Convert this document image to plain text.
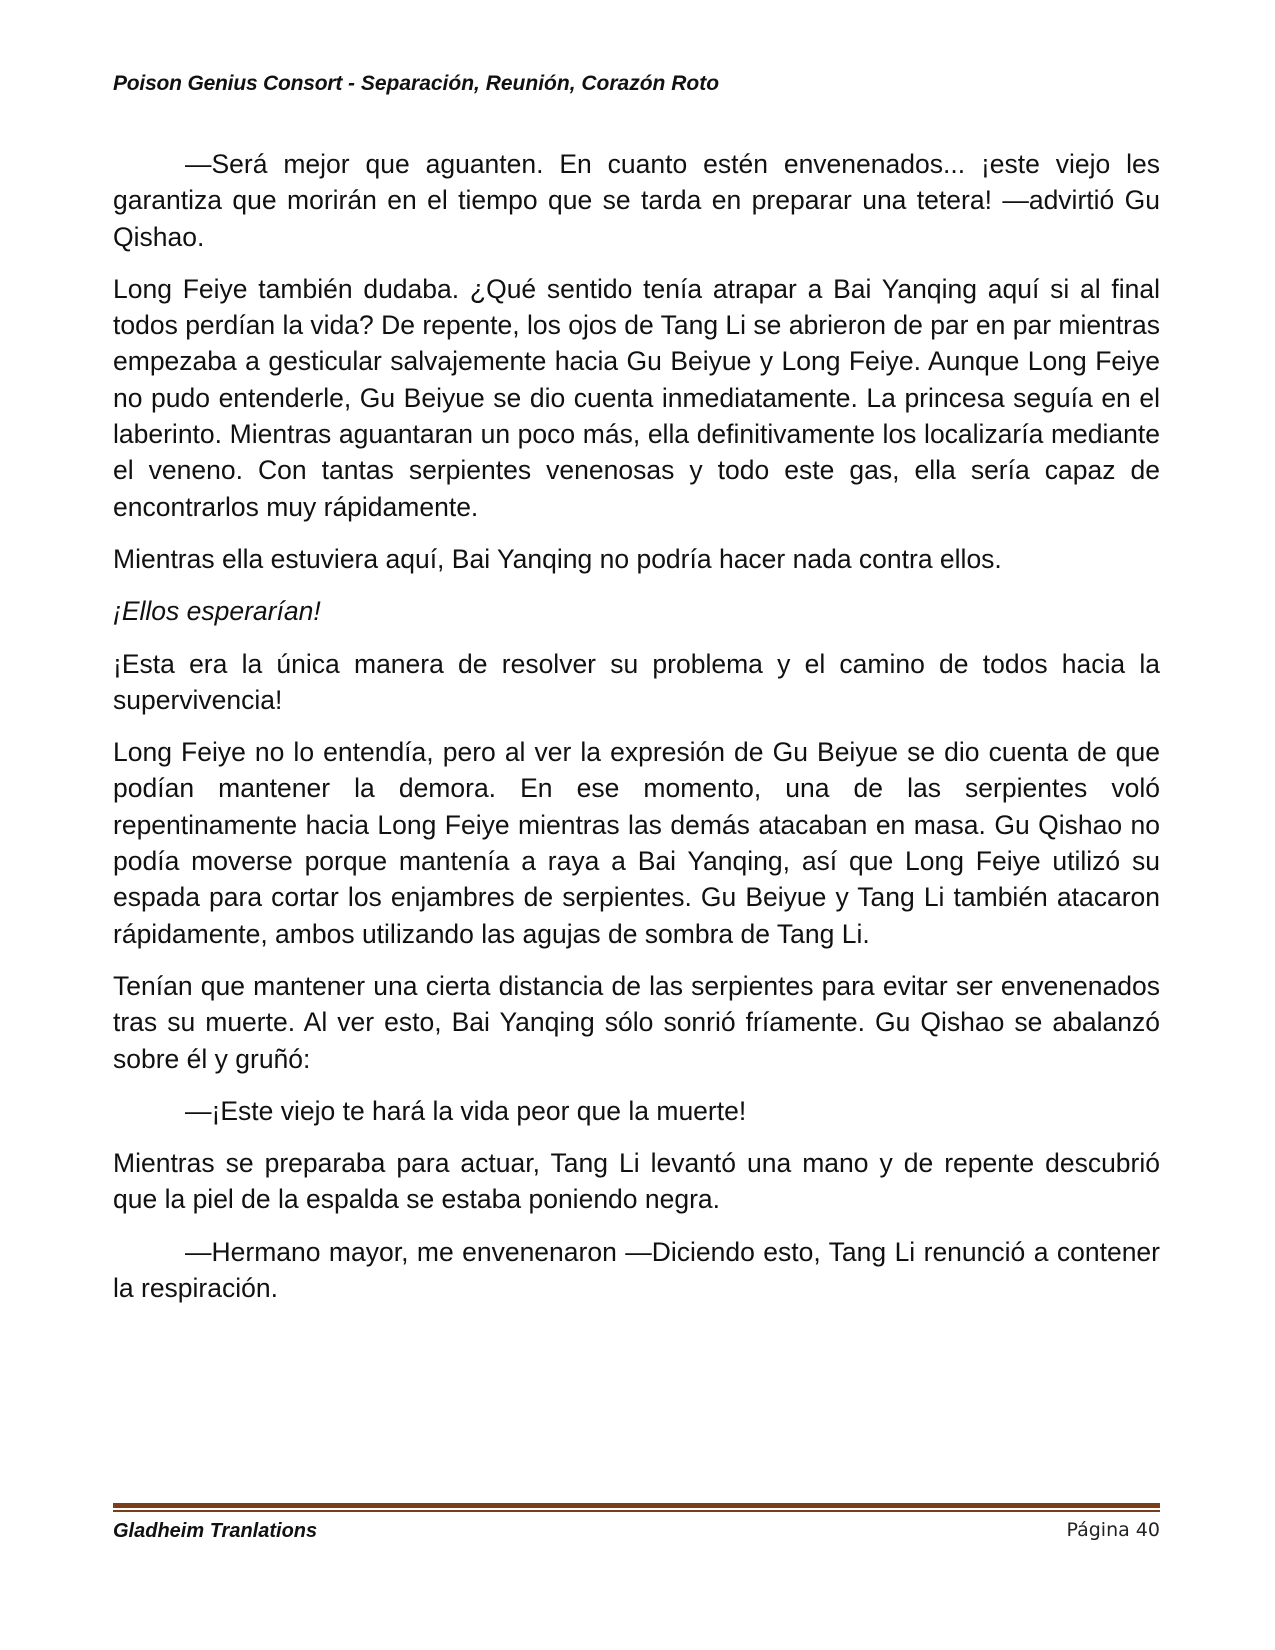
Poison Genius Consort - Separación, Reunión, Corazón Roto

—Será mejor que aguanten. En cuanto estén envenenados... ¡este viejo les garantiza que morirán en el tiempo que se tarda en preparar una tetera! —advirtió Gu Qishao.

Long Feiye también dudaba. ¿Qué sentido tenía atrapar a Bai Yanqing aquí si al final todos perdían la vida? De repente, los ojos de Tang Li se abrieron de par en par mientras empezaba a gesticular salvajemente hacia Gu Beiyue y Long Feiye. Aunque Long Feiye no pudo entenderle, Gu Beiyue se dio cuenta inmediatamente. La princesa seguía en el laberinto. Mientras aguantaran un poco más, ella definitivamente los localizaría mediante el veneno. Con tantas serpientes venenosas y todo este gas, ella sería capaz de encontrarlos muy rápidamente.

Mientras ella estuviera aquí, Bai Yanqing no podría hacer nada contra ellos.

¡Ellos esperarían!

¡Esta era la única manera de resolver su problema y el camino de todos hacia la supervivencia!

Long Feiye no lo entendía, pero al ver la expresión de Gu Beiyue se dio cuenta de que podían mantener la demora. En ese momento, una de las serpientes voló repentinamente hacia Long Feiye mientras las demás atacaban en masa. Gu Qishao no podía moverse porque mantenía a raya a Bai Yanqing, así que Long Feiye utilizó su espada para cortar los enjambres de serpientes. Gu Beiyue y Tang Li también atacaron rápidamente, ambos utilizando las agujas de sombra de Tang Li.

Tenían que mantener una cierta distancia de las serpientes para evitar ser envenenados tras su muerte. Al ver esto, Bai Yanqing sólo sonrió fríamente. Gu Qishao se abalanzó sobre él y gruñó:

—¡Este viejo te hará la vida peor que la muerte!

Mientras se preparaba para actuar, Tang Li levantó una mano y de repente descubrió que la piel de la espalda se estaba poniendo negra.

—Hermano mayor, me envenenaron —Diciendo esto, Tang Li renunció a contener la respiración.

Gladheim Tranlations	Página 40
